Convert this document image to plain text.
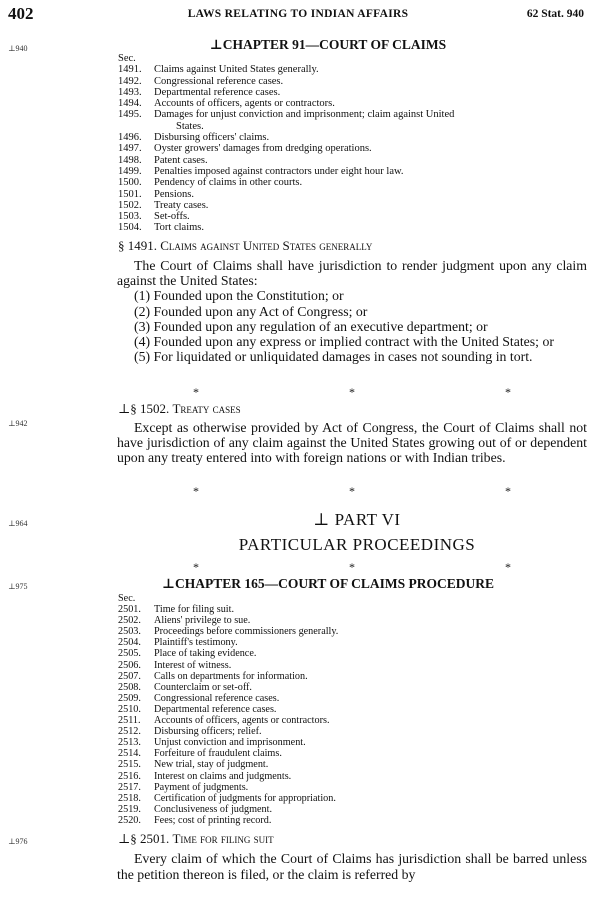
402	LAWS RELATING TO INDIAN AFFAIRS	62 Stat. 940
⊥940
⊥942
⊥964
⊥975
⊥976
⊥CHAPTER 91—COURT OF CLAIMS
Sec.
1491.	Claims against United States generally.
1492.	Congressional reference cases.
1493.	Departmental reference cases.
1494.	Accounts of officers, agents or contractors.
1495.	Damages for unjust conviction and imprisonment; claim against United
States.
1496.	Disbursing officers' claims.
1497.	Oyster growers' damages from dredging operations.
1498.	Patent cases.
1499.	Penalties imposed against contractors under eight hour law.
1500.	Pendency of claims in other courts.
1501.	Pensions.
1502.	Treaty cases.
1503.	Set-offs.
1504.	Tort claims.
§ 1491. Claims against United States generally

The Court of Claims shall have jurisdiction to render judgment upon any claim against the United States:

(1) Founded upon the Constitution; or

(2) Founded upon any Act of Congress; or

(3) Founded upon any regulation of an executive department; or

(4) Founded upon any express or implied contract with the United States; or

(5) For liquidated or unliquidated damages in cases not sounding in tort.

*	*	*
⊥§ 1502. Treaty cases

Except as otherwise provided by Act of Congress, the Court of Claims shall not have jurisdiction of any claim against the United States growing out of or dependent upon any treaty entered into with foreign nations or with Indian tribes.

*	*	*
⊥ PART VI
PARTICULAR PROCEEDINGS
*	*	*
⊥CHAPTER 165—COURT OF CLAIMS PROCEDURE
Sec.
2501.	Time for filing suit.
2502.	Aliens' privilege to sue.
2503.	Proceedings before commissioners generally.
2504.	Plaintiff's testimony.
2505.	Place of taking evidence.
2506.	Interest of witness.
2507.	Calls on departments for information.
2508.	Counterclaim or set-off.
2509.	Congressional reference cases.
2510.	Departmental reference cases.
2511.	Accounts of officers, agents or contractors.
2512.	Disbursing officers; relief.
2513.	Unjust conviction and imprisonment.
2514.	Forfeiture of fraudulent claims.
2515.	New trial, stay of judgment.
2516.	Interest on claims and judgments.
2517.	Payment of judgments.
2518.	Certification of judgments for appropriation.
2519.	Conclusiveness of judgment.
2520.	Fees; cost of printing record.
⊥§ 2501. Time for filing suit

Every claim of which the Court of Claims has jurisdiction shall be barred unless the petition thereon is filed, or the claim is referred by
